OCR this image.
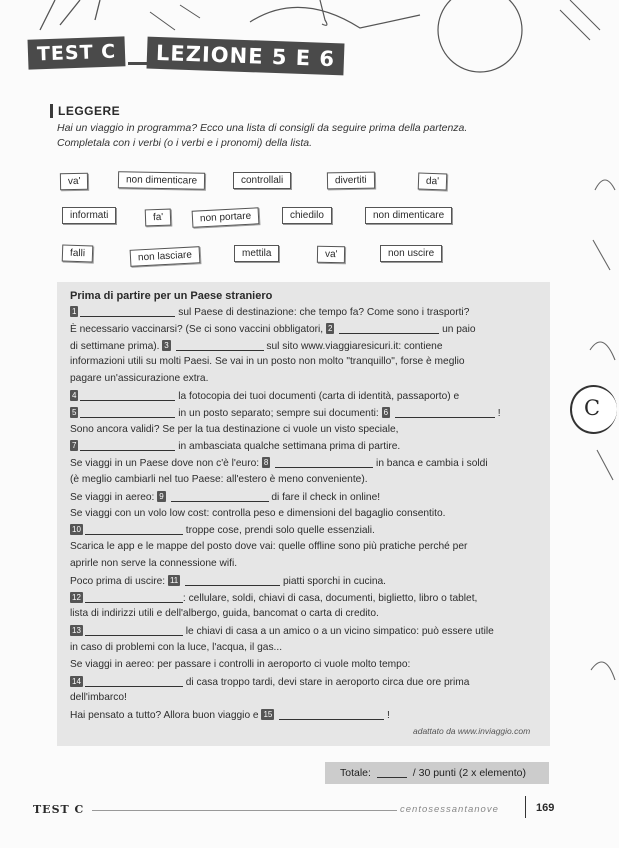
TEST C	LEZIONE 5 E 6
LEGGERE
Hai un viaggio in programma? Ecco una lista di consigli da seguire prima della partenza.
Completala con i verbi (o i verbi e i pronomi) della lista.
va'	non dimenticare	controllali	divertiti	da'
informati	fa'	non portare	chiedilo	non dimenticare
falli	non lasciare	mettila	va'	non uscire
Prima di partire per un Paese straniero
1	sul Paese di destinazione: che tempo fa? Come sono i trasporti?
È necessario vaccinarsi? (Se ci sono vaccini obbligatori, 2	un paio
di settimane prima). 3	sul sito www.viaggiaresicuri.it: contiene
informazioni utili su molti Paesi. Se vai in un posto non molto "tranquillo", forse è meglio
pagare un'assicurazione extra.
4	la fotocopia dei tuoi documenti (carta di identità, passaporto) e
5	in un posto separato; sempre sui documenti: 6	!
Sono ancora validi? Se per la tua destinazione ci vuole un visto speciale,
7	in ambasciata qualche settimana prima di partire.
Se viaggi in un Paese dove non c'è l'euro: 8	in banca e cambia i soldi
(è meglio cambiarli nel tuo Paese: all'estero è meno conveniente).
Se viaggi in aereo: 9	di fare il check in online!
Se viaggi con un volo low cost: controlla peso e dimensioni del bagaglio consentito.
10	troppe cose, prendi solo quelle essenziali.
Scarica le app e le mappe del posto dove vai: quelle offline sono più pratiche perché per
aprirle non serve la connessione wifi.
Poco prima di uscire: 11	piatti sporchi in cucina.
12	: cellulare, soldi, chiavi di casa, documenti, biglietto, libro o tablet,
lista di indirizzi utili e dell'albergo, guida, bancomat o carta di credito.
13	le chiavi di casa a un amico o a un vicino simpatico: può essere utile
in caso di problemi con la luce, l'acqua, il gas...
Se viaggi in aereo: per passare i controlli in aeroporto ci vuole molto tempo:
14	di casa troppo tardi, devi stare in aeroporto circa due ore prima
dell'imbarco!
Hai pensato a tutto? Allora buon viaggio e 15	!
adattato da www.inviaggio.com
Totale:	/ 30 punti (2 x elemento)
TEST C	centosessantanove	169
C
